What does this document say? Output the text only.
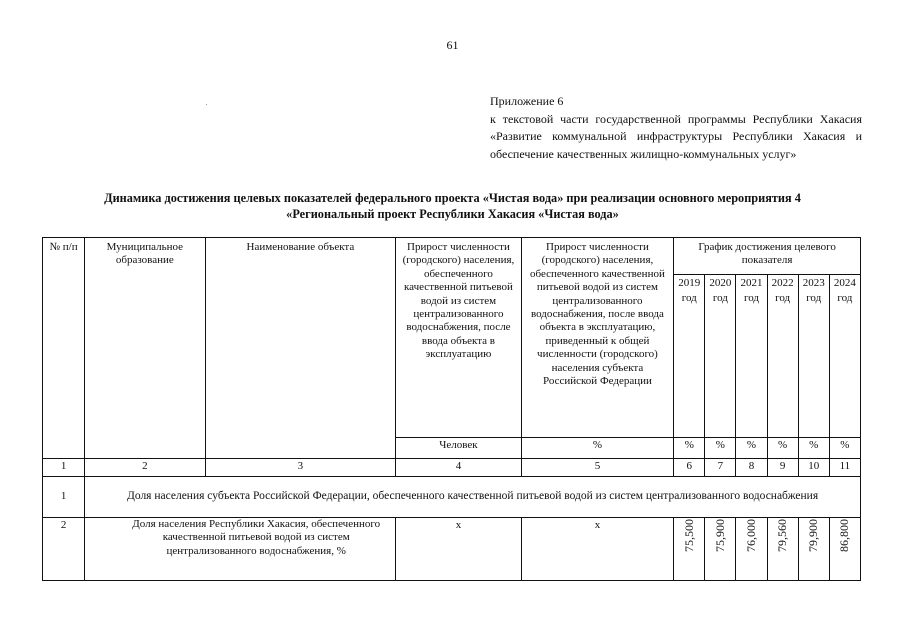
61
Приложение 6
к текстовой части государственной программы Республики Хакасия «Развитие коммунальной инфраструктуры Республики Хакасия и обеспечение качественных жилищно-коммунальных услуг»
Динамика достижения целевых показателей федерального проекта «Чистая вода» при реализации основного мероприятия 4
«Региональный проект Республики Хакасия «Чистая вода»
№ п/п	Муниципальное образование	Наименование объекта	Прирост численности (городского) населения, обеспеченного качественной питьевой водой из систем централизованного водоснабжения, после ввода объекта в эксплуатацию	Прирост численности (городского) населения, обеспеченного качественной питьевой водой из систем централизованного водоснабжения, после ввода объекта в эксплуатацию, приведенный к общей численности (городского) населения субъекта Российской Федерации	График достижения целевого показателя					
					2019 год	2020 год	2021 год	2022 год	2023 год	2024 год
			Человек	%	%	%	%	%	%	%
1	2	3	4	5	6	7	8	9	10	11
1	Доля населения субъекта Российской Федерации, обеспеченного качественной питьевой водой из систем централизованного водоснабжения									
2	Доля населения Республики Хакасия, обеспеченного качественной питьевой водой из систем централизованного водоснабжения, %		x	x	75,500	75,900	76,000	79,560	79,900	86,800
